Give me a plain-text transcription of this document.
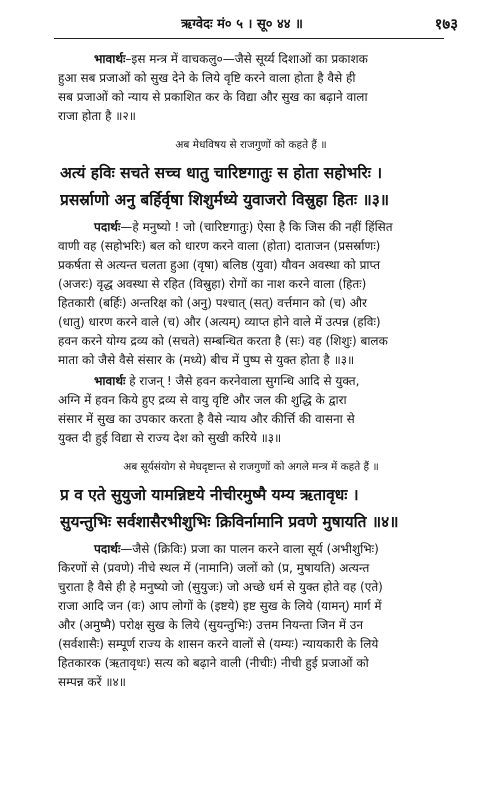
ऋग्वेदः मं० ५ । सू० ४४ ॥	१७३
भावार्थः–इस मन्त्र में वाचकलु०—जैसे सूर्य्य दिशाओं का प्रकाशक
हुआ सब प्रजाओं को सुख देने के लिये वृष्टि करने वाला होता है वैसे ही
सब प्रजाओं को न्याय से प्रकाशित कर के विद्या और सुख का बढ़ाने वाला
राजा होता है ॥२॥
अब मेधविषय से राजगुणों को कहते हैं ॥
अत्यं हविः सचते सच्च धातु चारिष्टगातुः स होता सहोभरिः ।
प्रसर्स्राणो अनु बर्हिर्वृषा शिशुर्मध्ये युवाजरो विस्रुहा हितः ॥३॥
पदार्थः—हे मनुष्यो ! जो (चारिष्टगातुः) ऐसा है कि जिस की नहीं हिंसित
वाणी वह (सहोभरिः) बल को धारण करने वाला (होता) दाताजन (प्रसर्स्राणः)
प्रकर्षता से अत्यन्त चलता हुआ (वृषा) बलिष्ठ (युवा) यौवन अवस्था को प्राप्त
(अजरः) वृद्ध अवस्था से रहित (विस्रुहा) रोगों का नाश करने वाला (हितः)
हितकारी (बर्हिः) अन्तरिक्ष को (अनु) पश्चात् (सत्) वर्त्तमान को (च) और
(धातु) धारण करने वाले (च) और (अत्यम्) व्याप्त होने वाले में उत्पन्न (हविः)
हवन करने योग्य द्रव्य को (सचते) सम्बन्धित करता है (सः) वह (शिशुः) बालक
माता को जैसे वैसे संसार के (मध्ये) बीच में पुष्प से युक्त होता है ॥३॥
भावार्थः हे राजन् ! जैसे हवन करनेवाला सुगन्धि आदि से युक्त,
अग्नि में हवन किये हुए द्रव्य से वायु वृष्टि और जल की शुद्धि के द्वारा
संसार में सुख का उपकार करता है वैसे न्याय और कीर्त्ति की वासना से
युक्त दी हुई विद्या से राज्य देश को सुखी करिये ॥३॥
अब सूर्यसंयोग से मेघदृष्टान्त से राजगुणों को अगले मन्त्र में कहते हैं ॥
प्र व एते सुयुजो यामन्निष्टये नीचीरमुष्मै यम्य ऋतावृधः ।
सुयन्तुभिः सर्वशासैरभीशुभिः क्रिविर्नामानि प्रवणे मुषायति ॥४॥
पदार्थः—जैसे (क्रिविः) प्रजा का पालन करने वाला सूर्य (अभीशुभिः)
किरणों से (प्रवणे) नीचे स्थल में (नामानि) जलों को (प्र, मुषायति) अत्यन्त
चुराता है वैसे ही हे मनुष्यो जो (सुयुजः) जो अच्छे धर्म से युक्त होते वह (एते)
राजा आदि जन (वः) आप लोगों के (इष्टये) इष्ट सुख के लिये (यामन्) मार्ग में
और (अमुष्मै) परोक्ष सुख के लिये (सुयन्तुभिः) उत्तम नियन्ता जिन में उन
(सर्वशासैः) सम्पूर्ण राज्य के शासन करने वालों से (यम्यः) न्यायकारी के लिये
हितकारक (ऋतावृधः) सत्य को बढ़ाने वाली (नीचीः) नीची हुई प्रजाओं को
सम्पन्न करें ॥४॥
